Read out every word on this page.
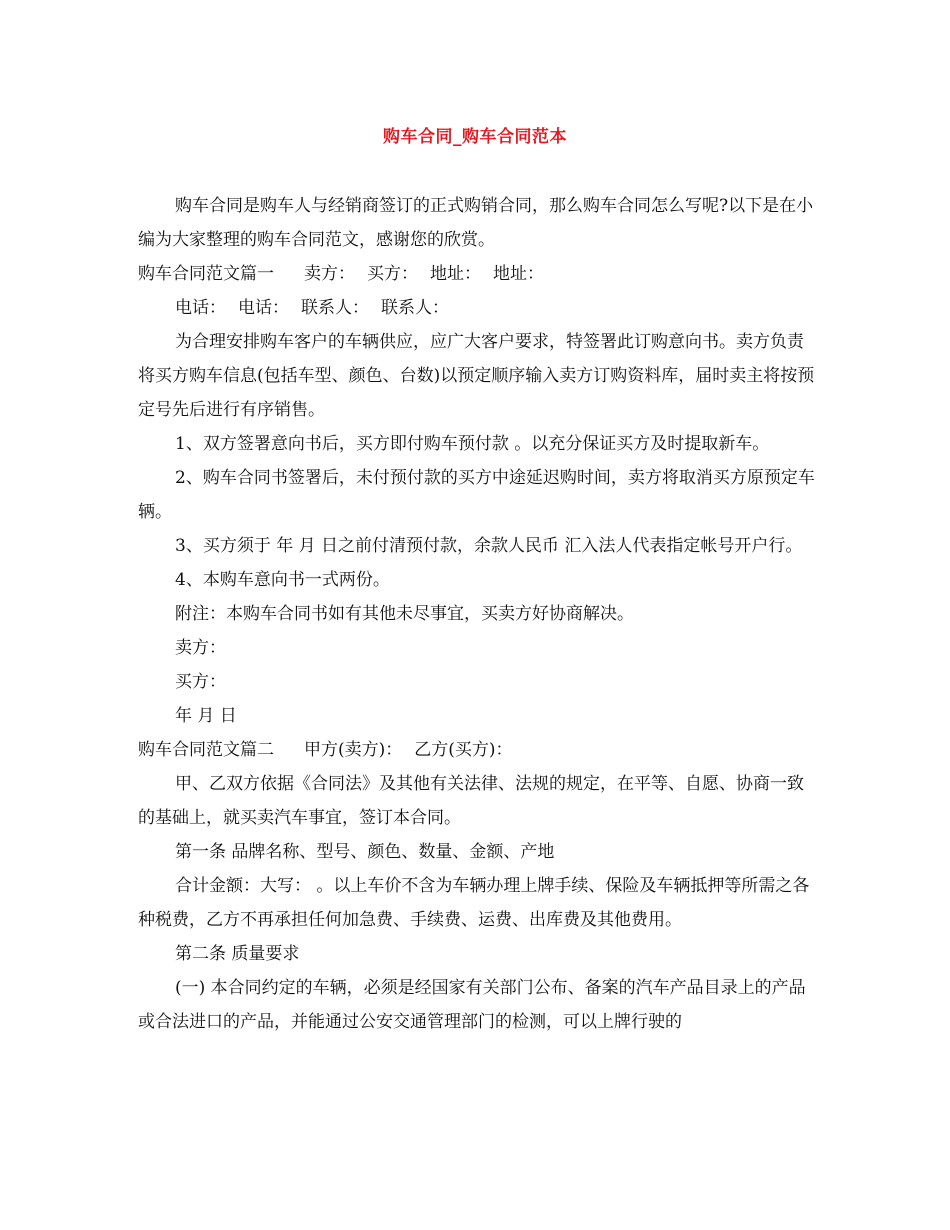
购车合同_购车合同范本

购车合同是购车人与经销商签订的正式购销合同，那么购车合同怎么写呢?以下是在小编为大家整理的购车合同范文，感谢您的欣赏。

购车合同范文篇一 卖方： 买方： 地址： 地址：

电话： 电话： 联系人： 联系人：

为合理安排购车客户的车辆供应，应广大客户要求，特签署此订购意向书。卖方负责将买方购车信息(包括车型、颜色、台数)以预定顺序输入卖方订购资料库，届时卖主将按预定号先后进行有序销售。

1、双方签署意向书后，买方即付购车预付款 。以充分保证买方及时提取新车。

2、购车合同书签署后，未付预付款的买方中途延迟购时间，卖方将取消买方原预定车辆。

3、买方须于 年 月 日之前付清预付款，余款人民币 汇入法人代表指定帐号开户行。

4、本购车意向书一式两份。

附注：本购车合同书如有其他未尽事宜，买卖方好协商解决。

卖方：

买方：

年 月 日

购车合同范文篇二 甲方(卖方)： 乙方(买方)：

甲、乙双方依据《合同法》及其他有关法律、法规的规定，在平等、自愿、协商一致的基础上，就买卖汽车事宜，签订本合同。

第一条 品牌名称、型号、颜色、数量、金额、产地

合计金额：大写： 。以上车价不含为车辆办理上牌手续、保险及车辆抵押等所需之各种税费，乙方不再承担任何加急费、手续费、运费、出库费及其他费用。

第二条 质量要求

(一) 本合同约定的车辆，必须是经国家有关部门公布、备案的汽车产品目录上的产品或合法进口的产品，并能通过公安交通管理部门的检测，可以上牌行驶的
